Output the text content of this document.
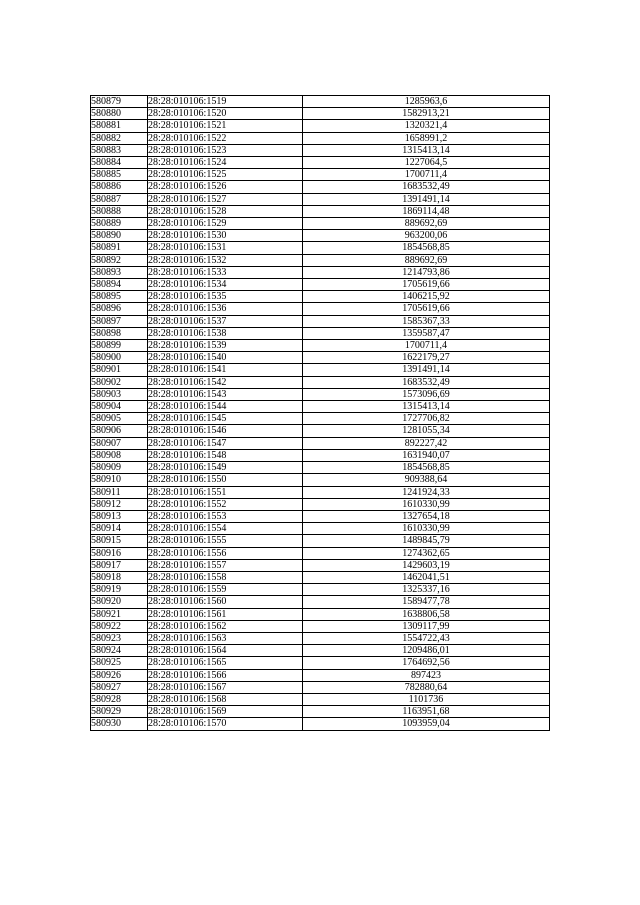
580879	28:28:010106:1519	1285963,6
580880	28:28:010106:1520	1582913,21
580881	28:28:010106:1521	1320321,4
580882	28:28:010106:1522	1658991,2
580883	28:28:010106:1523	1315413,14
580884	28:28:010106:1524	1227064,5
580885	28:28:010106:1525	1700711,4
580886	28:28:010106:1526	1683532,49
580887	28:28:010106:1527	1391491,14
580888	28:28:010106:1528	1869114,48
580889	28:28:010106:1529	889692,69
580890	28:28:010106:1530	963200,06
580891	28:28:010106:1531	1854568,85
580892	28:28:010106:1532	889692,69
580893	28:28:010106:1533	1214793,86
580894	28:28:010106:1534	1705619,66
580895	28:28:010106:1535	1406215,92
580896	28:28:010106:1536	1705619,66
580897	28:28:010106:1537	1585367,33
580898	28:28:010106:1538	1359587,47
580899	28:28:010106:1539	1700711,4
580900	28:28:010106:1540	1622179,27
580901	28:28:010106:1541	1391491,14
580902	28:28:010106:1542	1683532,49
580903	28:28:010106:1543	1573096,69
580904	28:28:010106:1544	1315413,14
580905	28:28:010106:1545	1727706,82
580906	28:28:010106:1546	1281055,34
580907	28:28:010106:1547	892227,42
580908	28:28:010106:1548	1631940,07
580909	28:28:010106:1549	1854568,85
580910	28:28:010106:1550	909388,64
580911	28:28:010106:1551	1241924,33
580912	28:28:010106:1552	1610330,99
580913	28:28:010106:1553	1327654,18
580914	28:28:010106:1554	1610330,99
580915	28:28:010106:1555	1489845,79
580916	28:28:010106:1556	1274362,65
580917	28:28:010106:1557	1429603,19
580918	28:28:010106:1558	1462041,51
580919	28:28:010106:1559	1325337,16
580920	28:28:010106:1560	1589477,78
580921	28:28:010106:1561	1638806,58
580922	28:28:010106:1562	1309117,99
580923	28:28:010106:1563	1554722,43
580924	28:28:010106:1564	1209486,01
580925	28:28:010106:1565	1764692,56
580926	28:28:010106:1566	897423
580927	28:28:010106:1567	782880,64
580928	28:28:010106:1568	1101736
580929	28:28:010106:1569	1163951,68
580930	28:28:010106:1570	1093959,04
